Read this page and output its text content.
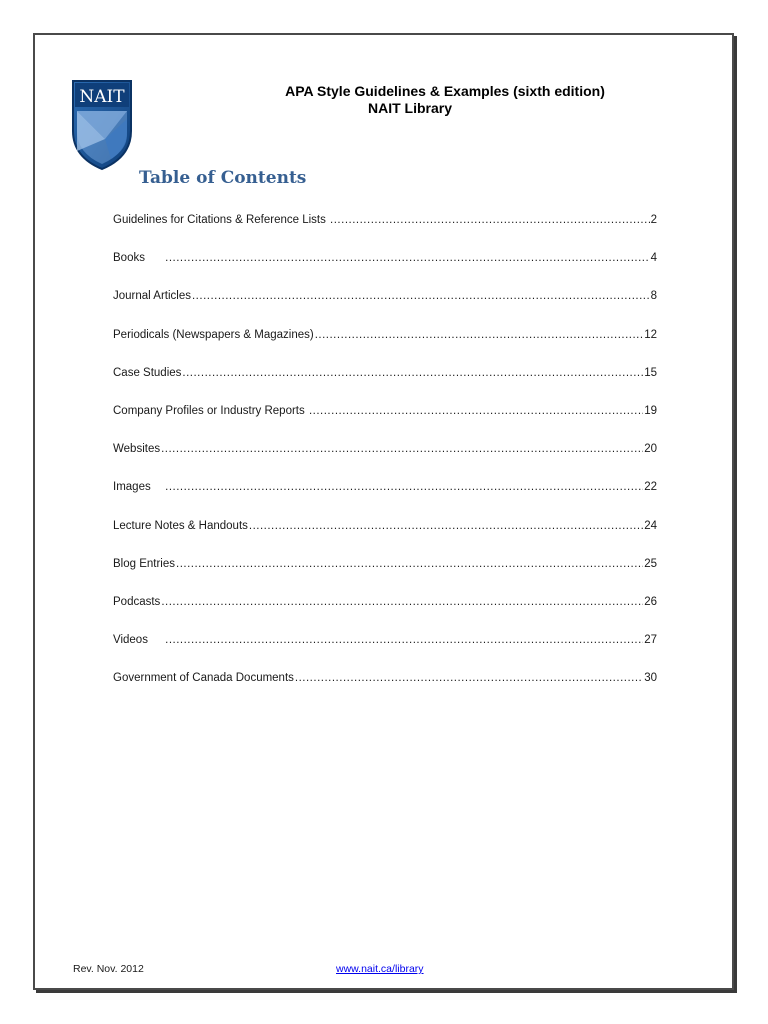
NAIT	APA Style Guidelines & Examples (sixth edition)
NAIT Library
Table of Contents
Guidelines for Citations & Reference Lists .....	2
Books	.....	4
Journal Articles .....	8
Periodicals (Newspapers & Magazines) .....	12
Case Studies .....	15
Company Profiles or Industry Reports .....	19
Websites .....	20
Images	.....	22
Lecture Notes & Handouts .....	24
Blog Entries .....	25
Podcasts .....	26
Videos	.....	27
Government of Canada Documents .....	30
Rev. Nov. 2012	www.nait.ca/library
